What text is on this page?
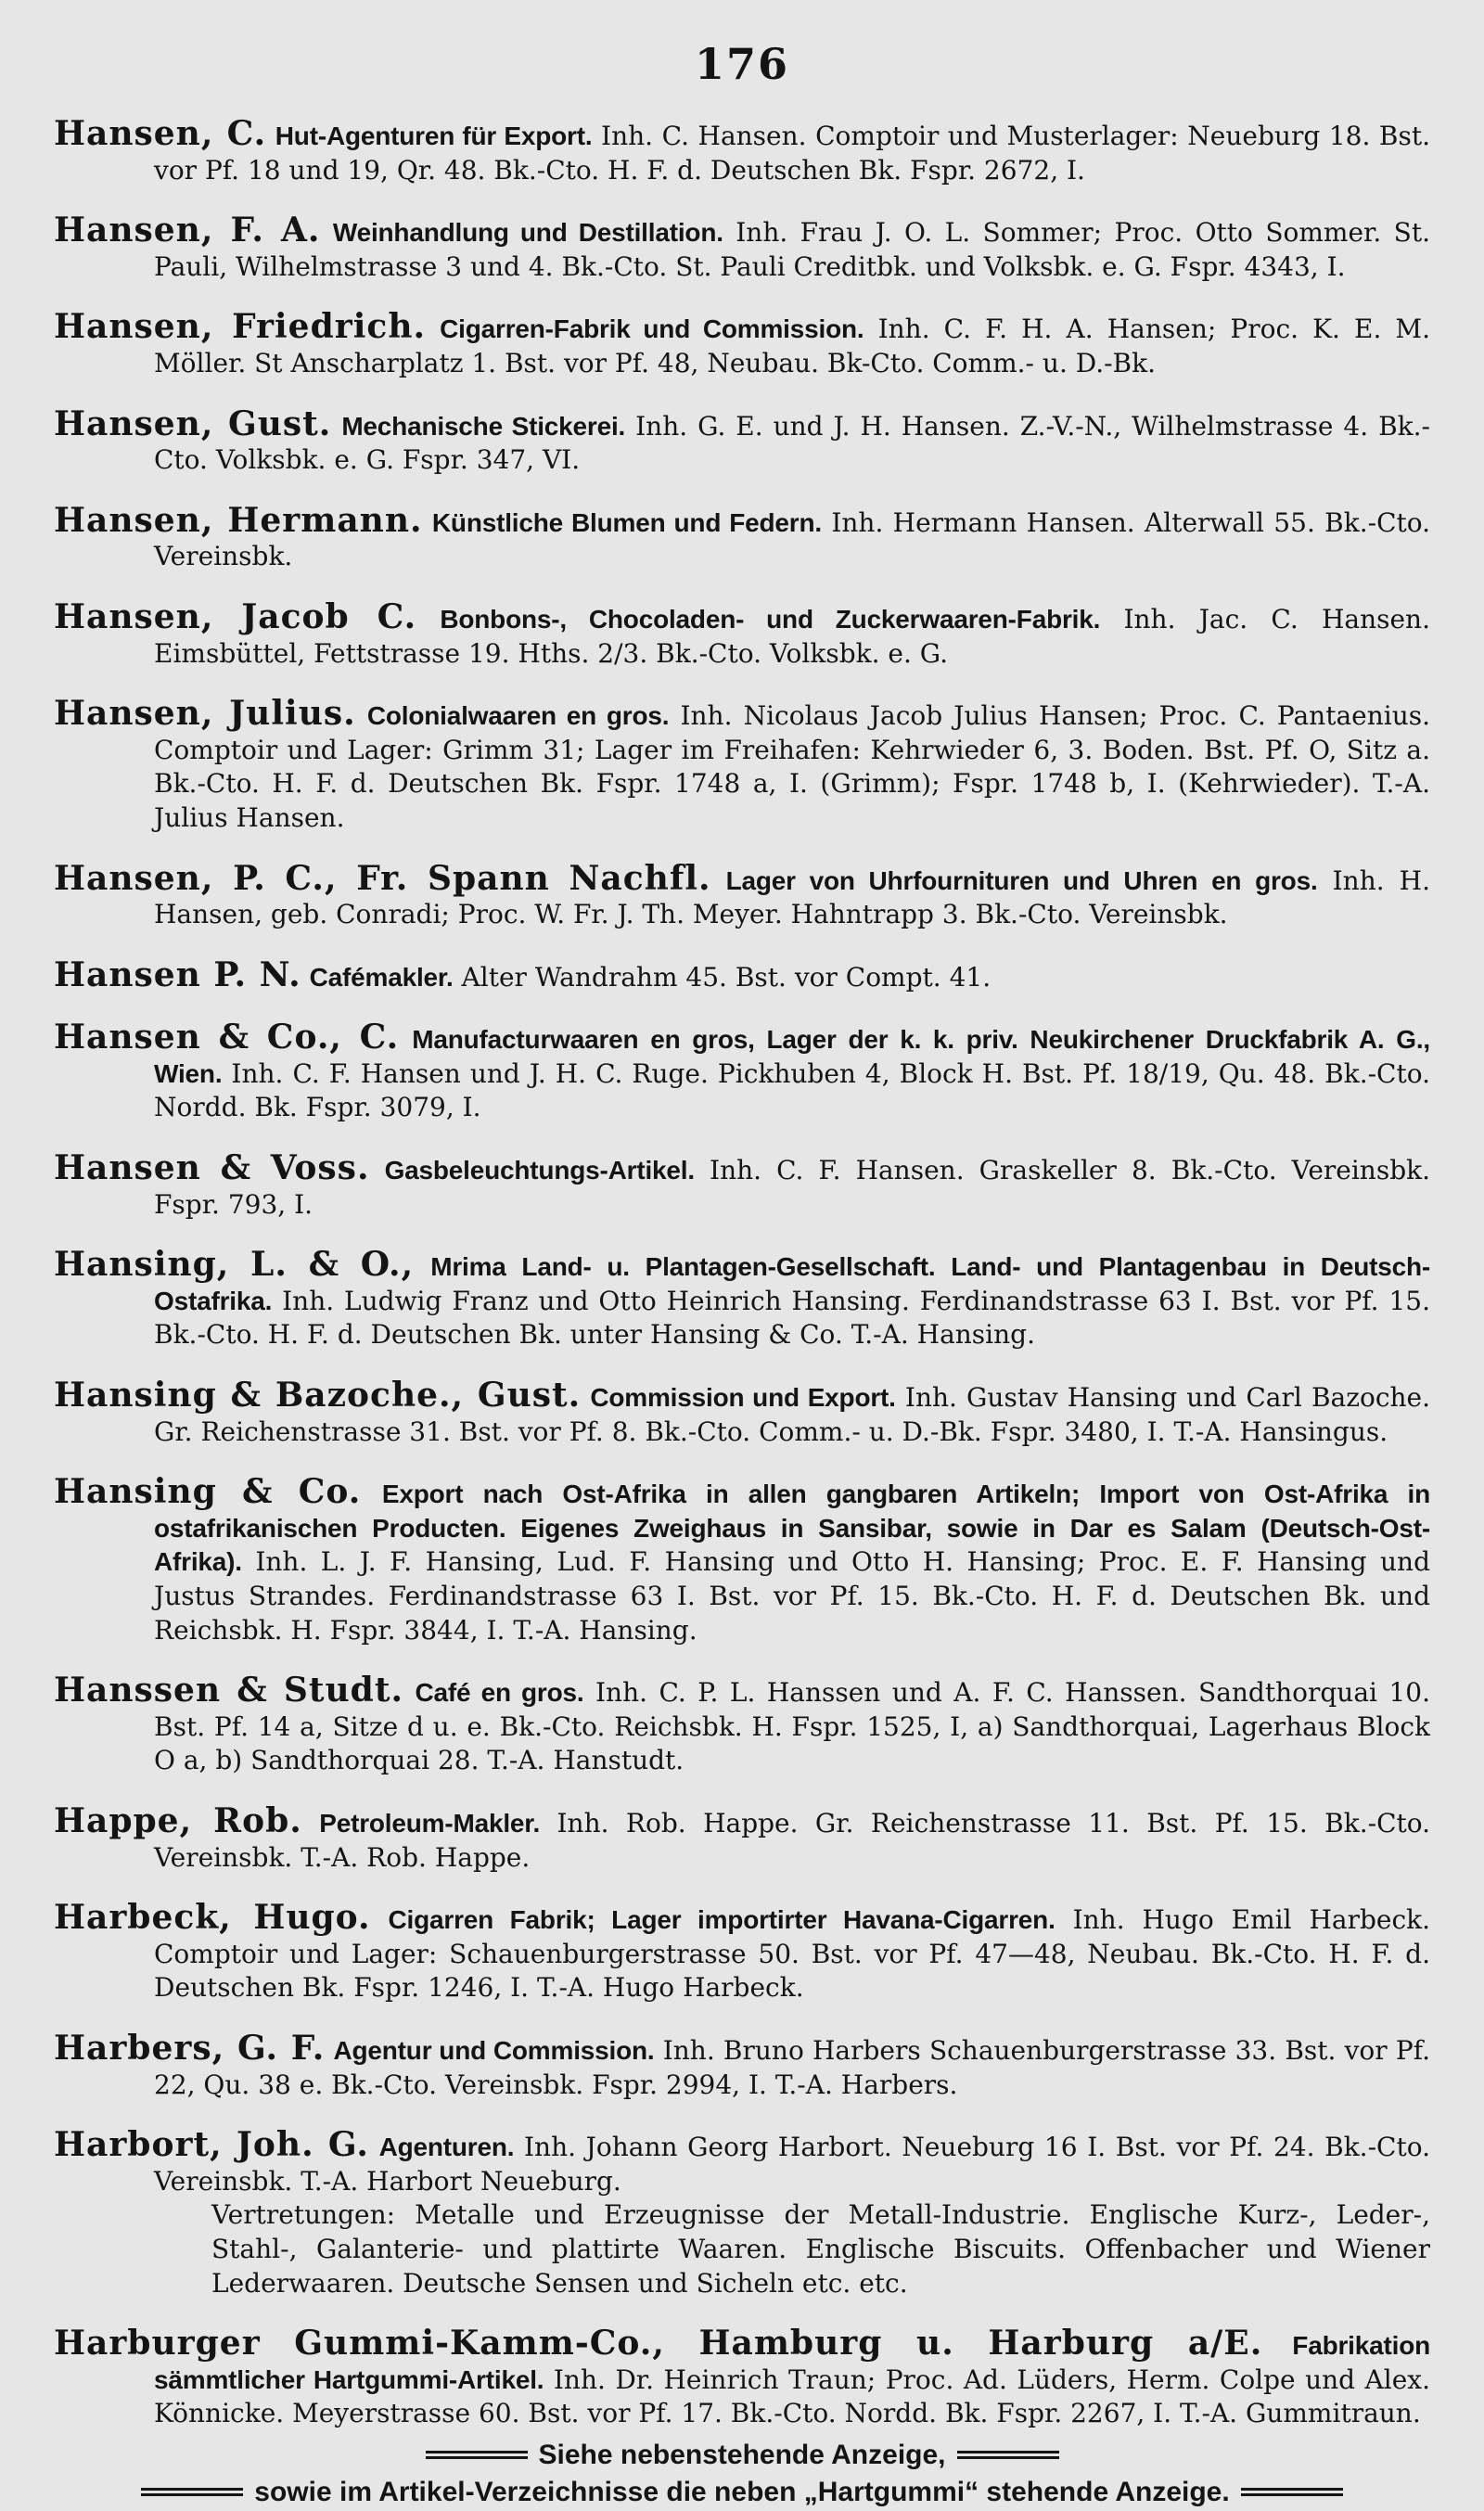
176

Hansen, C. Hut-Agenturen für Export. Inh. C. Hansen. Comptoir und Musterlager: Neueburg 18. Bst. vor Pf. 18 und 19, Qr. 48. Bk.-Cto. H. F. d. Deutschen Bk. Fspr. 2672, I.

Hansen, F. A. Weinhandlung und Destillation. Inh. Frau J. O. L. Sommer; Proc. Otto Sommer. St. Pauli, Wilhelmstrasse 3 und 4. Bk.-Cto. St. Pauli Creditbk. und Volksbk. e. G. Fspr. 4343, I.

Hansen, Friedrich. Cigarren-Fabrik und Commission. Inh. C. F. H. A. Hansen; Proc. K. E. M. Möller. St Anscharplatz 1. Bst. vor Pf. 48, Neubau. Bk-Cto. Comm.- u. D.-Bk.

Hansen, Gust. Mechanische Stickerei. Inh. G. E. und J. H. Hansen. Z.-V.-N., Wilhelmstrasse 4. Bk.-Cto. Volksbk. e. G. Fspr. 347, VI.

Hansen, Hermann. Künstliche Blumen und Federn. Inh. Hermann Hansen. Alterwall 55. Bk.-Cto. Vereinsbk.

Hansen, Jacob C. Bonbons-, Chocoladen- und Zuckerwaaren-Fabrik. Inh. Jac. C. Hansen. Eimsbüttel, Fettstrasse 19. Hths. 2/3. Bk.-Cto. Volksbk. e. G.

Hansen, Julius. Colonialwaaren en gros. Inh. Nicolaus Jacob Julius Hansen; Proc. C. Pantaenius. Comptoir und Lager: Grimm 31; Lager im Freihafen: Kehrwieder 6, 3. Boden. Bst. Pf. O, Sitz a. Bk.-Cto. H. F. d. Deutschen Bk. Fspr. 1748 a, I. (Grimm); Fspr. 1748 b, I. (Kehrwieder). T.-A. Julius Hansen.

Hansen, P. C., Fr. Spann Nachfl. Lager von Uhrfournituren und Uhren en gros. Inh. H. Hansen, geb. Conradi; Proc. W. Fr. J. Th. Meyer. Hahntrapp 3. Bk.-Cto. Vereinsbk.

Hansen P. N. Cafémakler. Alter Wandrahm 45. Bst. vor Compt. 41.

Hansen & Co., C. Manufacturwaaren en gros, Lager der k. k. priv. Neukirchener Druckfabrik A. G., Wien. Inh. C. F. Hansen und J. H. C. Ruge. Pickhuben 4, Block H. Bst. Pf. 18/19, Qu. 48. Bk.-Cto. Nordd. Bk. Fspr. 3079, I.

Hansen & Voss. Gasbeleuchtungs-Artikel. Inh. C. F. Hansen. Graskeller 8. Bk.-Cto. Vereinsbk. Fspr. 793, I.

Hansing, L. & O., Mrima Land- u. Plantagen-Gesellschaft. Land- und Plantagenbau in Deutsch-Ostafrika. Inh. Ludwig Franz und Otto Heinrich Hansing. Ferdinandstrasse 63 I. Bst. vor Pf. 15. Bk.-Cto. H. F. d. Deutschen Bk. unter Hansing & Co. T.-A. Hansing.

Hansing & Bazoche., Gust. Commission und Export. Inh. Gustav Hansing und Carl Bazoche. Gr. Reichenstrasse 31. Bst. vor Pf. 8. Bk.-Cto. Comm.- u. D.-Bk. Fspr. 3480, I. T.-A. Hansingus.

Hansing & Co. Export nach Ost-Afrika in allen gangbaren Artikeln; Import von Ost-Afrika in ostafrikanischen Producten. Eigenes Zweighaus in Sansibar, sowie in Dar es Salam (Deutsch-Ost-Afrika). Inh. L. J. F. Hansing, Lud. F. Hansing und Otto H. Hansing; Proc. E. F. Hansing und Justus Strandes. Ferdinandstrasse 63 I. Bst. vor Pf. 15. Bk.-Cto. H. F. d. Deutschen Bk. und Reichsbk. H. Fspr. 3844, I. T.-A. Hansing.

Hanssen & Studt. Café en gros. Inh. C. P. L. Hanssen und A. F. C. Hanssen. Sandthorquai 10. Bst. Pf. 14 a, Sitze d u. e. Bk.-Cto. Reichsbk. H. Fspr. 1525, I, a) Sandthorquai, Lagerhaus Block O a, b) Sandthorquai 28. T.-A. Hanstudt.

Happe, Rob. Petroleum-Makler. Inh. Rob. Happe. Gr. Reichenstrasse 11. Bst. Pf. 15. Bk.-Cto. Vereinsbk. T.-A. Rob. Happe.

Harbeck, Hugo. Cigarren Fabrik; Lager importirter Havana-Cigarren. Inh. Hugo Emil Harbeck. Comptoir und Lager: Schauenburgerstrasse 50. Bst. vor Pf. 47—48, Neubau. Bk.-Cto. H. F. d. Deutschen Bk. Fspr. 1246, I. T.-A. Hugo Harbeck.

Harbers, G. F. Agentur und Commission. Inh. Bruno Harbers Schauenburgerstrasse 33. Bst. vor Pf. 22, Qu. 38 e. Bk.-Cto. Vereinsbk. Fspr. 2994, I. T.-A. Harbers.

Harbort, Joh. G. Agenturen. Inh. Johann Georg Harbort. Neueburg 16 I. Bst. vor Pf. 24. Bk.-Cto. Vereinsbk. T.-A. Harbort Neueburg.
Vertretungen: Metalle und Erzeugnisse der Metall-Industrie. Englische Kurz-, Leder-, Stahl-, Galanterie- und plattirte Waaren. Englische Biscuits. Offenbacher und Wiener Lederwaaren. Deutsche Sensen und Sicheln etc. etc.

Harburger Gummi-Kamm-Co., Hamburg u. Harburg a/E. Fabrikation sämmtlicher Hartgummi-Artikel. Inh. Dr. Heinrich Traun; Proc. Ad. Lüders, Herm. Colpe und Alex. Könnicke. Meyerstrasse 60. Bst. vor Pf. 17. Bk.-Cto. Nordd. Bk. Fspr. 2267, I. T.-A. Gummitraun.

Siehe nebenstehende Anzeige,
sowie im Artikel-Verzeichnisse die neben „Hartgummi“ stehende Anzeige.
